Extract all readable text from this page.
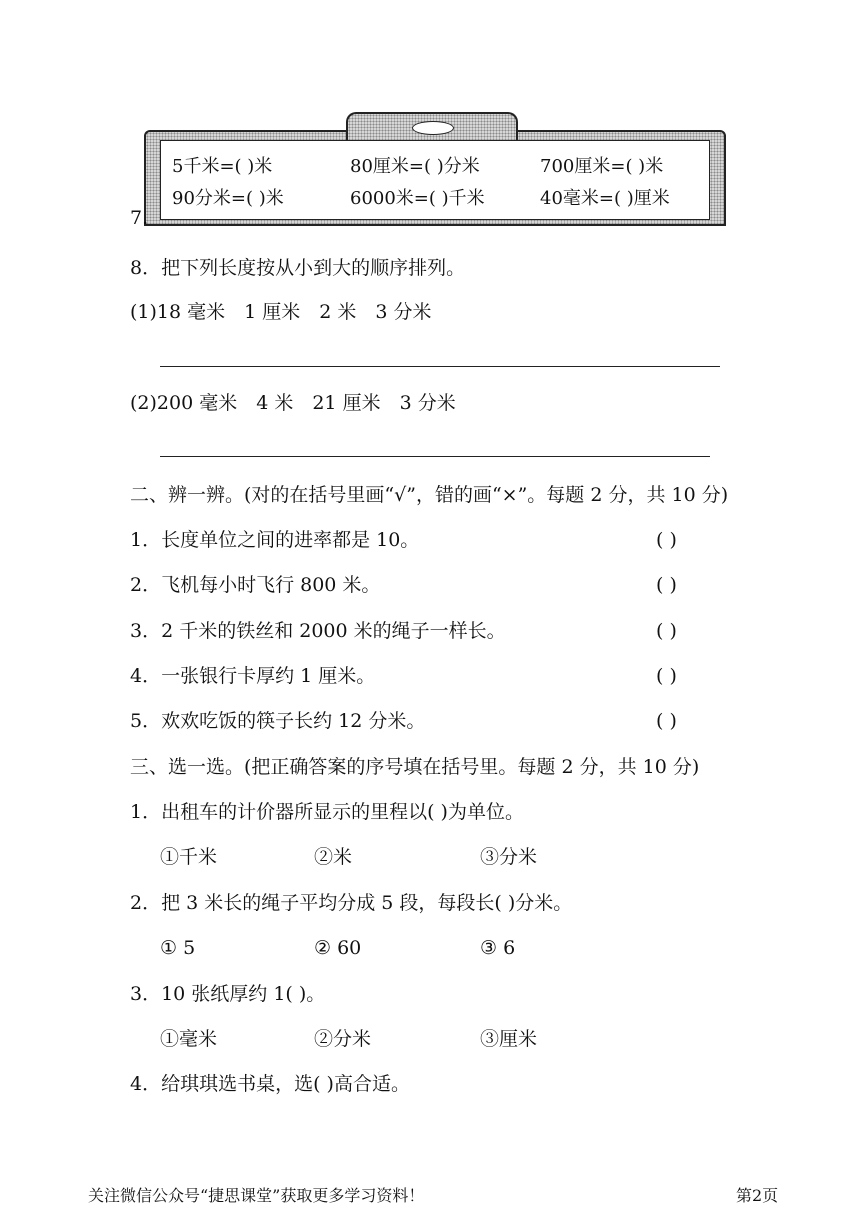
7.
5千米=( )米	80厘米=( )分米	700厘米=( )米
90分米=( )米	6000米=( )千米	40毫米=( )厘米
8．把下列长度按从小到大的顺序排列。
(1)18 毫米　1 厘米　2 米　3 分米
(2)200 毫米　4 米　21 厘米　3 分米
二、辨一辨。(对的在括号里画“√”，错的画“×”。每题 2 分，共 10 分)
1．长度单位之间的进率都是 10。	( )
2．飞机每小时飞行 800 米。	( )
3．2 千米的铁丝和 2000 米的绳子一样长。	( )
4．一张银行卡厚约 1 厘米。	( )
5．欢欢吃饭的筷子长约 12 分米。	( )
三、选一选。(把正确答案的序号填在括号里。每题 2 分，共 10 分)
1．出租车的计价器所显示的里程以( )为单位。
①千米	②米	③分米
2．把 3 米长的绳子平均分成 5 段，每段长( )分米。
① 5	② 60	③ 6
3．10 张纸厚约 1( )。
①毫米	②分米	③厘米
4．给琪琪选书桌，选( )高合适。
关注微信公众号“捷思课堂”获取更多学习资料！	第2页
